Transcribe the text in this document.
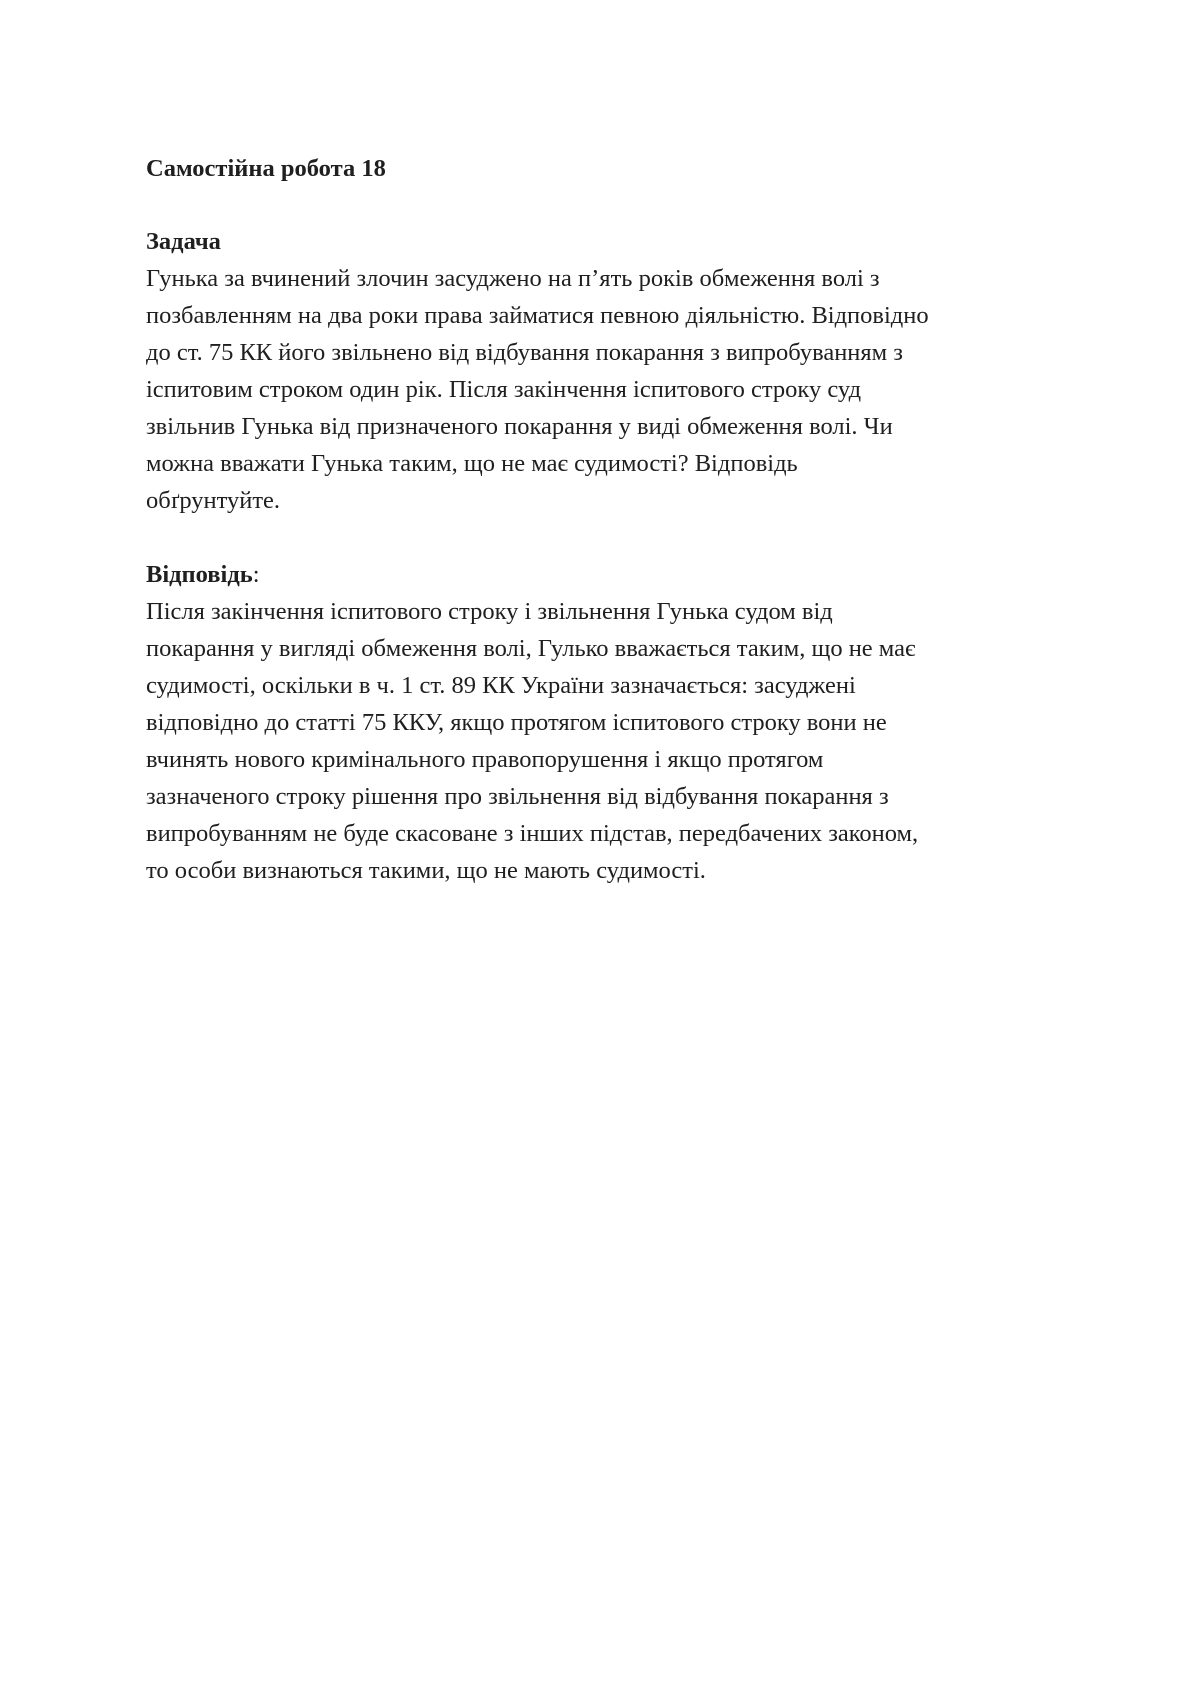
Самостійна робота 18
Задача
Гунька за вчинений злочин засуджено на п’ять років обмеження волі з
позбавленням на два роки права займатися певною діяльністю. Відповідно
до ст. 75 КК його звільнено від відбування покарання з випробуванням з
іспитовим строком один рік. Після закінчення іспитового строку суд
звільнив Гунька від призначеного покарання у виді обмеження волі. Чи
можна вважати Гунька таким, що не має судимості? Відповідь
обґрунтуйте.
Відповідь:
Після закінчення іспитового строку і звільнення Гунька судом від
покарання у вигляді обмеження волі, Гулько вважається таким, що не має
судимості, оскільки в ч. 1 ст. 89 КК України зазначається: засуджені
відповідно до статті 75 ККУ, якщо протягом іспитового строку вони не
вчинять нового кримінального правопорушення і якщо протягом
зазначеного строку рішення про звільнення від відбування покарання з
випробуванням не буде скасоване з інших підстав, передбачених законом,
то особи визнаються такими, що не мають судимості.
